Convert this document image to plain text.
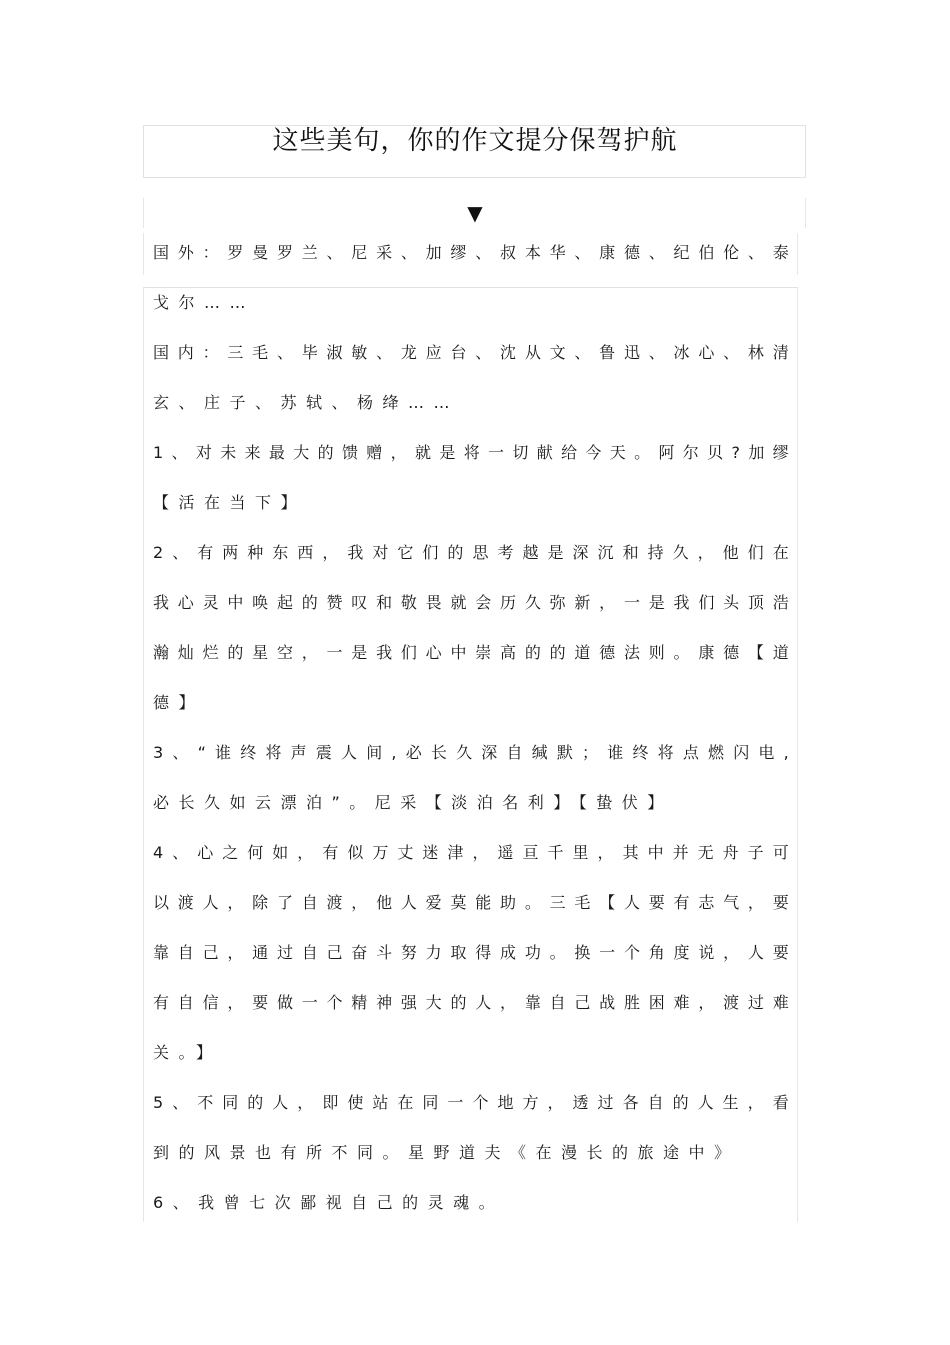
这些美句，你的作文提分保驾护航
▼
国外：罗曼罗兰、尼采、加缪、叔本华、康德、纪伯伦、泰
戈尔……
国内：三毛、毕淑敏、龙应台、沈从文、鲁迅、冰心、林清
玄、庄子、苏轼、杨绛……
1、对未来最大的馈赠，就是将一切献给今天。阿尔贝?加缪
【活在当下】
2、有两种东西，我对它们的思考越是深沉和持久，他们在
我心灵中唤起的赞叹和敬畏就会历久弥新，一是我们头顶浩
瀚灿烂的星空，一是我们心中崇高的的道德法则。康德【道
德】
3、“谁终将声震人间,必长久深自缄默；谁终将点燃闪电,
必长久如云漂泊”。尼采【淡泊名利】【蛰伏】
4、心之何如，有似万丈迷津，遥亘千里，其中并无舟子可
以渡人，除了自渡，他人爱莫能助。三毛【人要有志气，要
靠自己，通过自己奋斗努力取得成功。换一个角度说，人要
有自信，要做一个精神强大的人，靠自己战胜困难，渡过难
关。】
5、不同的人，即使站在同一个地方，透过各自的人生，看
到的风景也有所不同。星野道夫《在漫长的旅途中》
6、我曾七次鄙视自己的灵魂。
